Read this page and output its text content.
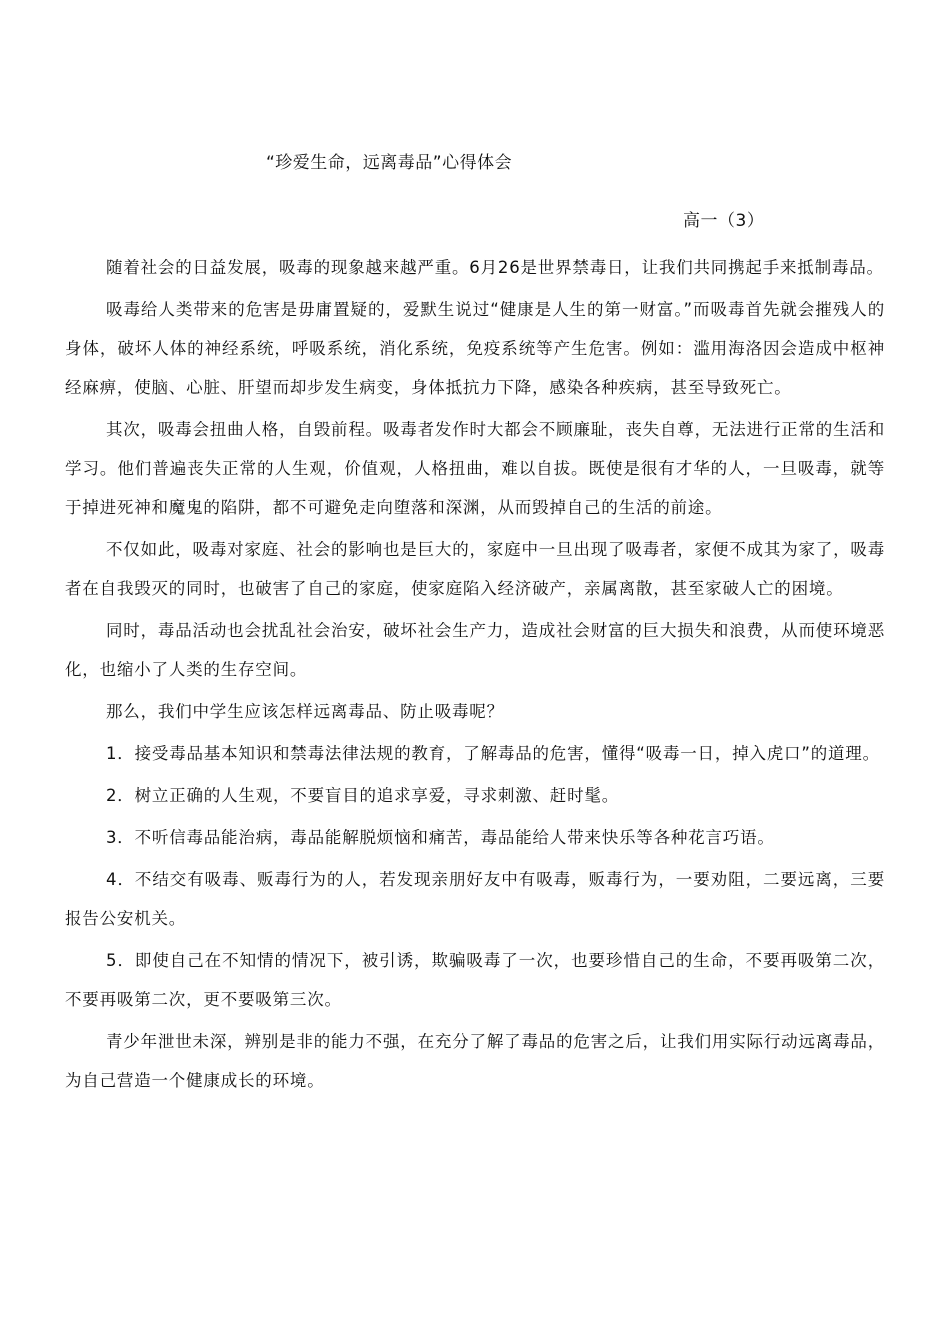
“珍爱生命，远离毒品”心得体会
高一（3）

随着社会的日益发展，吸毒的现象越来越严重。6月26是世界禁毒日，让我们共同携起手来抵制毒品。

吸毒给人类带来的危害是毋庸置疑的，爱默生说过“健康是人生的第一财富。”而吸毒首先就会摧残人的身体，破坏人体的神经系统，呼吸系统，消化系统，免疫系统等产生危害。例如：滥用海洛因会造成中枢神经麻痹，使脑、心脏、肝望而却步发生病变，身体抵抗力下降，感染各种疾病，甚至导致死亡。

其次，吸毒会扭曲人格，自毁前程。吸毒者发作时大都会不顾廉耻，丧失自尊，无法进行正常的生活和学习。他们普遍丧失正常的人生观，价值观，人格扭曲，难以自拔。既使是很有才华的人，一旦吸毒，就等于掉进死神和魔鬼的陷阱，都不可避免走向堕落和深渊，从而毁掉自己的生活的前途。

不仅如此，吸毒对家庭、社会的影响也是巨大的，家庭中一旦出现了吸毒者，家便不成其为家了，吸毒者在自我毁灭的同时，也破害了自己的家庭，使家庭陷入经济破产，亲属离散，甚至家破人亡的困境。

同时，毒品活动也会扰乱社会治安，破坏社会生产力，造成社会财富的巨大损失和浪费，从而使环境恶化，也缩小了人类的生存空间。

那么，我们中学生应该怎样远离毒品、防止吸毒呢？

1．接受毒品基本知识和禁毒法律法规的教育，了解毒品的危害，懂得“吸毒一日，掉入虎口”的道理。

2．树立正确的人生观，不要盲目的追求享爱，寻求刺激、赶时髦。

3．不听信毒品能治病，毒品能解脱烦恼和痛苦，毒品能给人带来快乐等各种花言巧语。

4．不结交有吸毒、贩毒行为的人，若发现亲朋好友中有吸毒，贩毒行为，一要劝阻，二要远离，三要报告公安机关。

5．即使自己在不知情的情况下，被引诱，欺骗吸毒了一次，也要珍惜自己的生命，不要再吸第二次，不要再吸第二次，更不要吸第三次。

青少年泄世未深，辨别是非的能力不强，在充分了解了毒品的危害之后，让我们用实际行动远离毒品，为自己营造一个健康成长的环境。
